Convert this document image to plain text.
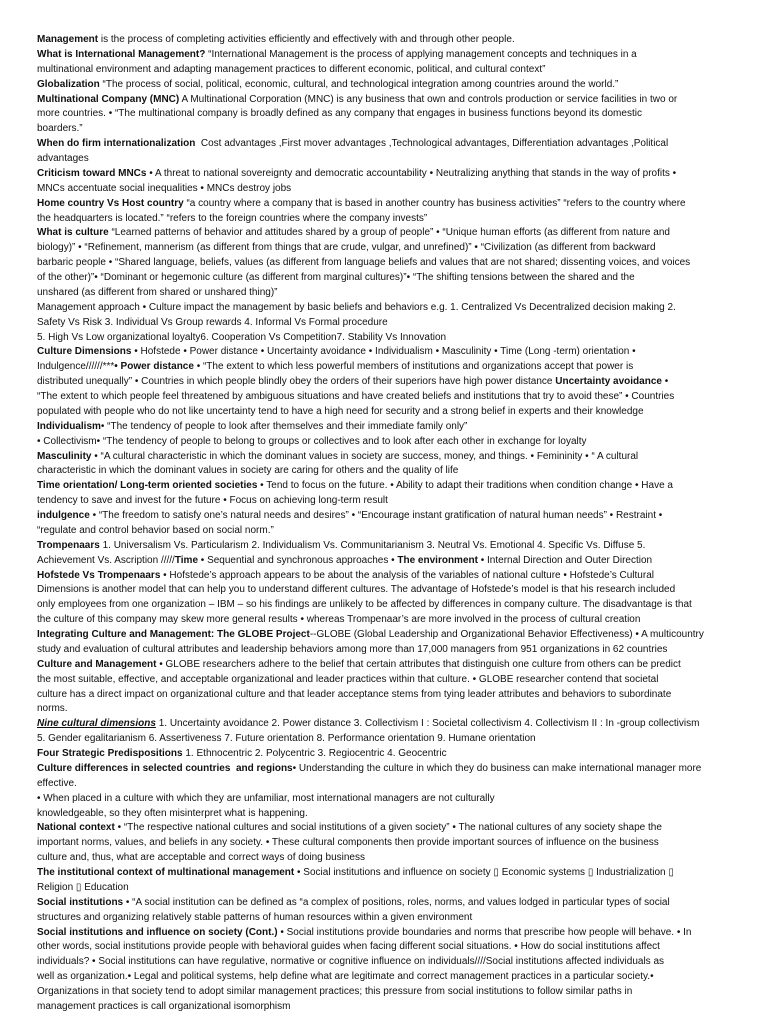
Management is the process of completing activities efficiently and effectively with and through other people.
What is International Management? “International Management is the process of applying management concepts and techniques in a
multinational environment and adapting management practices to different economic, political, and cultural context”
Globalization “The process of social, political, economic, cultural, and technological integration among countries around the world.”
Multinational Company (MNC) A Multinational Corporation (MNC) is any business that own and controls production or service facilities in two or
more countries. • “The multinational company is broadly defined as any company that engages in business functions beyond its domestic
boarders.”
When do firm internationalization  Cost advantages ,First mover advantages ,Technological advantages, Differentiation advantages ,Political
advantages
Criticism toward MNCs • A threat to national sovereignty and democratic accountability • Neutralizing anything that stands in the way of profits •
MNCs accentuate social inequalities • MNCs destroy jobs
Home country Vs Host country “a country where a company that is based in another country has business activities” “refers to the country where
the headquarters is located.” “refers to the foreign countries where the company invests”
What is culture “Learned patterns of behavior and attitudes shared by a group of people” • “Unique human efforts (as different from nature and
biology)” • “Refinement, mannerism (as different from things that are crude, vulgar, and unrefined)” • “Civilization (as different from backward
barbaric people • “Shared language, beliefs, values (as different from language beliefs and values that are not shared; dissenting voices, and voices
of the other)”• “Dominant or hegemonic culture (as different from marginal cultures)”• “The shifting tensions between the shared and the
unshared (as different from shared or unshared thing)”
Management approach • Culture impact the management by basic beliefs and behaviors e.g. 1. Centralized Vs Decentralized decision making 2.
Safety Vs Risk 3. Individual Vs Group rewards 4. Informal Vs Formal procedure
5. High Vs Low organizational loyalty6. Cooperation Vs Competition7. Stability Vs Innovation
Culture Dimensions • Hofstede • Power distance • Uncertainty avoidance • Individualism • Masculinity • Time (Long -term) orientation •
Indulgence//////***• Power distance • “The extent to which less powerful members of institutions and organizations accept that power is
distributed unequally” • Countries in which people blindly obey the orders of their superiors have high power distance Uncertainty avoidance •
“The extent to which people feel threatened by ambiguous situations and have created beliefs and institutions that try to avoid these” • Countries
populated with people who do not like uncertainty tend to have a high need for security and a strong belief in experts and their knowledge
Individualism• “The tendency of people to look after themselves and their immediate family only”
• Collectivism• “The tendency of people to belong to groups or collectives and to look after each other in exchange for loyalty
Masculinity • “A cultural characteristic in which the dominant values in society are success, money, and things. • Femininity • “ A cultural
characteristic in which the dominant values in society are caring for others and the quality of life
Time orientation/ Long-term oriented societies • Tend to focus on the future. • Ability to adapt their traditions when condition change • Have a
tendency to save and invest for the future • Focus on achieving long-term result
indulgence • “The freedom to satisfy one’s natural needs and desires” • “Encourage instant gratification of natural human needs” • Restraint •
“regulate and control behavior based on social norm.”
Trompenaars 1. Universalism Vs. Particularism 2. Individualism Vs. Communitarianism 3. Neutral Vs. Emotional 4. Specific Vs. Diffuse 5.
Achievement Vs. Ascription /////Time • Sequential and synchronous approaches • The environment • Internal Direction and Outer Direction
Hofstede Vs Trompenaars • Hofstede’s approach appears to be about the analysis of the variables of national culture • Hofstede’s Cultural
Dimensions is another model that can help you to understand different cultures. The advantage of Hofstede’s model is that his research included
only employees from one organization – IBM – so his findings are unlikely to be affected by differences in company culture. The disadvantage is that
the culture of this company may skew more general results • whereas Trompenaar’s are more involved in the process of cultural creation
Integrating Culture and Management: The GLOBE Project--GLOBE (Global Leadership and Organizational Behavior Effectiveness) • A multicountry
study and evaluation of cultural attributes and leadership behaviors among more than 17,000 managers from 951 organizations in 62 countries
Culture and Management • GLOBE researchers adhere to the belief that certain attributes that distinguish one culture from others can be predict
the most suitable, effective, and acceptable organizational and leader practices within that culture. • GLOBE researcher contend that societal
culture has a direct impact on organizational culture and that leader acceptance stems from tying leader attributes and behaviors to subordinate
norms.
Nine cultural dimensions 1. Uncertainty avoidance 2. Power distance 3. Collectivism I : Societal collectivism 4. Collectivism II : In -group collectivism
5. Gender egalitarianism 6. Assertiveness 7. Future orientation 8. Performance orientation 9. Humane orientation
Four Strategic Predispositions 1. Ethnocentric 2. Polycentric 3. Regiocentric 4. Geocentric
Culture differences in selected countries  and regions• Understanding the culture in which they do business can make international manager more
effective.
• When placed in a culture with which they are unfamiliar, most international managers are not culturally
knowledgeable, so they often misinterpret what is happening.
National context • “The respective national cultures and social institutions of a given society” • The national cultures of any society shape the
important norms, values, and beliefs in any society. • These cultural components then provide important sources of influence on the business
culture and, thus, what are acceptable and correct ways of doing business
The institutional context of multinational management • Social institutions and influence on society ▯ Economic systems ▯ Industrialization ▯
Religion ▯ Education
Social institutions • “A social institution can be defined as “a complex of positions, roles, norms, and values lodged in particular types of social
structures and organizing relatively stable patterns of human resources within a given environment
Social institutions and influence on society (Cont.) • Social institutions provide boundaries and norms that prescribe how people will behave. • In
other words, social institutions provide people with behavioral guides when facing different social situations. • How do social institutions affect
individuals? • Social institutions can have regulative, normative or cognitive influence on individuals////Social institutions affected individuals as
well as organization.• Legal and political systems, help define what are legitimate and correct management practices in a particular society.•
Organizations in that society tend to adopt similar management practices; this pressure from social institutions to follow similar paths in
management practices is call organizational isomorphism
